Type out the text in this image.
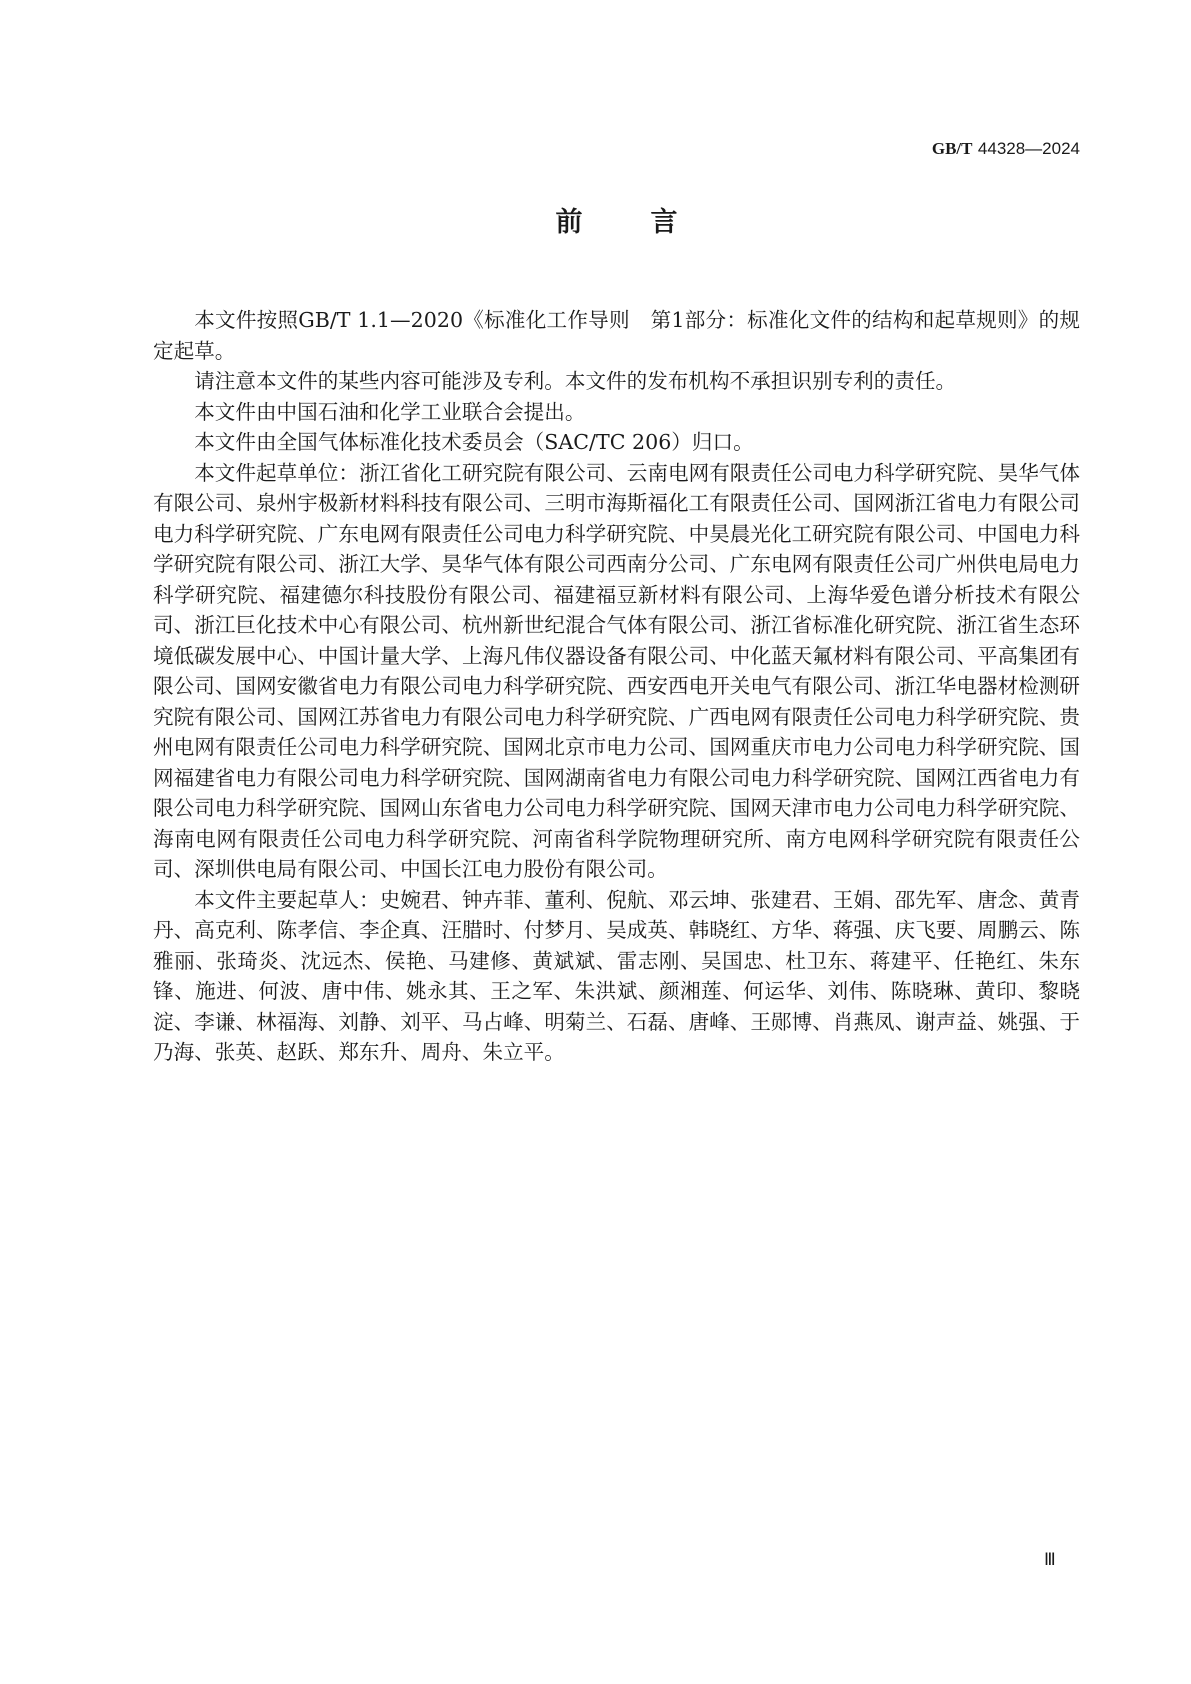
GB/T 44328—2024
前言

本文件按照GB/T 1.1—2020《标准化工作导则　第1部分：标准化文件的结构和起草规则》的规定起草。

请注意本文件的某些内容可能涉及专利。本文件的发布机构不承担识别专利的责任。

本文件由中国石油和化学工业联合会提出。

本文件由全国气体标准化技术委员会（SAC/TC 206）归口。

本文件起草单位：浙江省化工研究院有限公司、云南电网有限责任公司电力科学研究院、昊华气体有限公司、泉州宇极新材料科技有限公司、三明市海斯福化工有限责任公司、国网浙江省电力有限公司电力科学研究院、广东电网有限责任公司电力科学研究院、中昊晨光化工研究院有限公司、中国电力科学研究院有限公司、浙江大学、昊华气体有限公司西南分公司、广东电网有限责任公司广州供电局电力科学研究院、福建德尔科技股份有限公司、福建福豆新材料有限公司、上海华爱色谱分析技术有限公司、浙江巨化技术中心有限公司、杭州新世纪混合气体有限公司、浙江省标准化研究院、浙江省生态环境低碳发展中心、中国计量大学、上海凡伟仪器设备有限公司、中化蓝天氟材料有限公司、平高集团有限公司、国网安徽省电力有限公司电力科学研究院、西安西电开关电气有限公司、浙江华电器材检测研究院有限公司、国网江苏省电力有限公司电力科学研究院、广西电网有限责任公司电力科学研究院、贵州电网有限责任公司电力科学研究院、国网北京市电力公司、国网重庆市电力公司电力科学研究院、国网福建省电力有限公司电力科学研究院、国网湖南省电力有限公司电力科学研究院、国网江西省电力有限公司电力科学研究院、国网山东省电力公司电力科学研究院、国网天津市电力公司电力科学研究院、海南电网有限责任公司电力科学研究院、河南省科学院物理研究所、南方电网科学研究院有限责任公司、深圳供电局有限公司、中国长江电力股份有限公司。

本文件主要起草人：史婉君、钟卉菲、董利、倪航、邓云坤、张建君、王娟、邵先军、唐念、黄青丹、高克利、陈孝信、李企真、汪腊时、付梦月、吴成英、韩晓红、方华、蒋强、庆飞要、周鹏云、陈雅丽、张琦炎、沈远杰、侯艳、马建修、黄斌斌、雷志刚、吴国忠、杜卫东、蒋建平、任艳红、朱东锋、施进、何波、唐中伟、姚永其、王之军、朱洪斌、颜湘莲、何运华、刘伟、陈晓琳、黄印、黎晓淀、李谦、林福海、刘静、刘平、马占峰、明菊兰、石磊、唐峰、王郧博、肖燕凤、谢声益、姚强、于乃海、张英、赵跃、郑东升、周舟、朱立平。

Ⅲ
